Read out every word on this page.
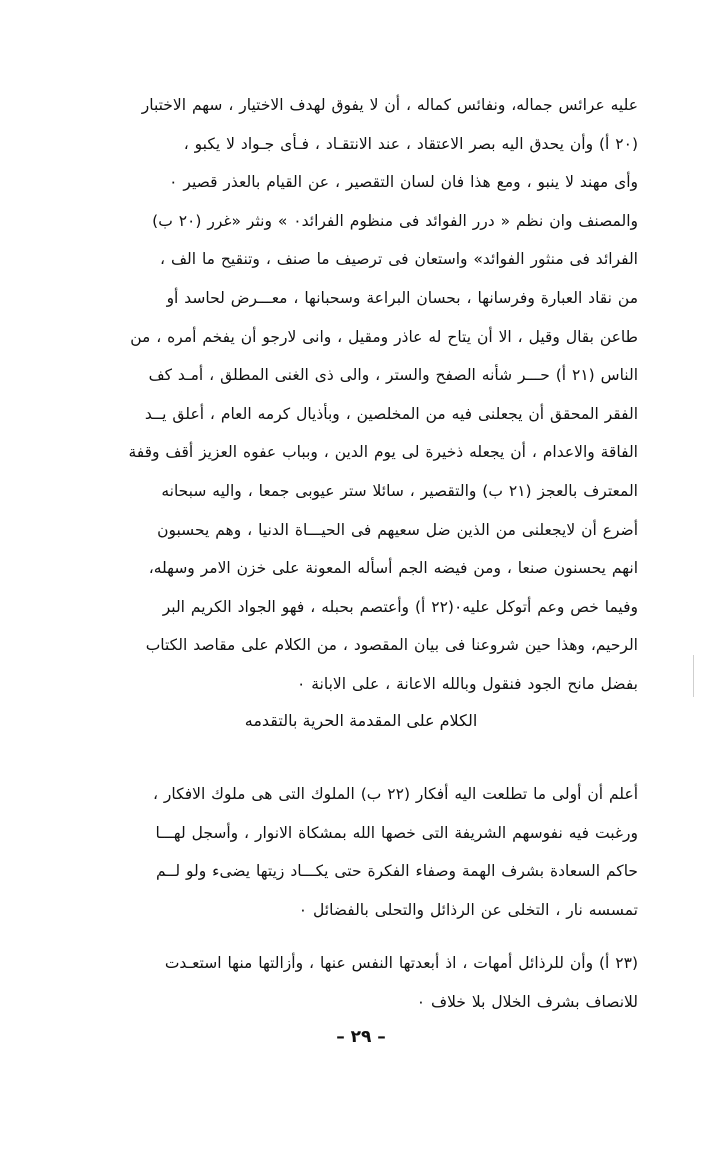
عليه عرائس جماله، ونفائس كماله ، أن لا يفوق لهدف الاختيار ، سهم الاختبار
(٢٠ أ) وأن يحدق اليه بصر الاعتقاد ، عند الانتقـاد ، فـأى جـواد لا يكبو ،
وأى مهند لا ينبو ، ومع هذا فان لسان التقصير ، عن القيام بالعذر قصير ٠
والمصنف وان نظم « درر الفوائد فى منظوم الفرائد٠ » ونثر «غرر (٢٠ ب)
الفرائد فى منثور الفوائد» واستعان فى ترصيف ما صنف ، وتنقيح ما الف ،
من نقاد العبارة وفرسانها ، بحسان البراعة وسحبانها ، معـــرض لحاسد أو
طاعن بقال وقيل ، الا أن يتاح له عاذر ومقيل ، وانى لارجو أن يفخم أمره ، من
الناس (٢١ أ) حـــر شأنه الصفح والستر ، والى ذى الغنى المطلق ، أمـد كف
الفقر المحقق أن يجعلنى فيه من المخلصين ، وبأذيال كرمه العام ، أعلق يــد
الفاقة والاعدام ، أن يجعله ذخيرة لى يوم الدين ، وبباب عفوه العزيز أقف وقفة
المعترف بالعجز (٢١ ب) والتقصير ، سائلا ستر عيوبى جمعا ، واليه سبحانه
أضرع أن لايجعلنى من الذين ضل سعيهم فى الحيـــاة الدنيا ، وهم يحسبون
انهم يحسنون صنعا ، ومن فيضه الجم أسأله المعونة على خزن الامر وسهله،
وفيما خص وعم أتوكل عليه٠(٢٢ أ) وأعتصم بحبله ، فهو الجواد الكريم البر
الرحيم، وهذا حين شروعنا فى بيان المقصود ، من الكلام على مقاصد الكتاب
بفضل مانح الجود فنقول وبالله الاعانة ، على الابانة ٠
الكلام على المقدمة الحرية بالتقدمه
أعلم أن أولى ما تطلعت اليه أفكار (٢٢ ب) الملوك التى هى ملوك الافكار ،
ورغبت فيه نفوسهم الشريفة التى خصها الله بمشكاة الانوار ، وأسجل لهـــا
حاكم السعادة بشرف الهمة وصفاء الفكرة حتى يكـــاد زيتها يضىء ولو لــم
تمسسه نار ، التخلى عن الرذائل والتحلى بالفضائل ٠
(٢٣ أ) وأن للرذائل أمهات ، اذ أبعدتها النفس عنها ، وأزالتها منها استعـدت
للانصاف بشرف الخلال بلا خلاف ٠
– ٢٩ –
